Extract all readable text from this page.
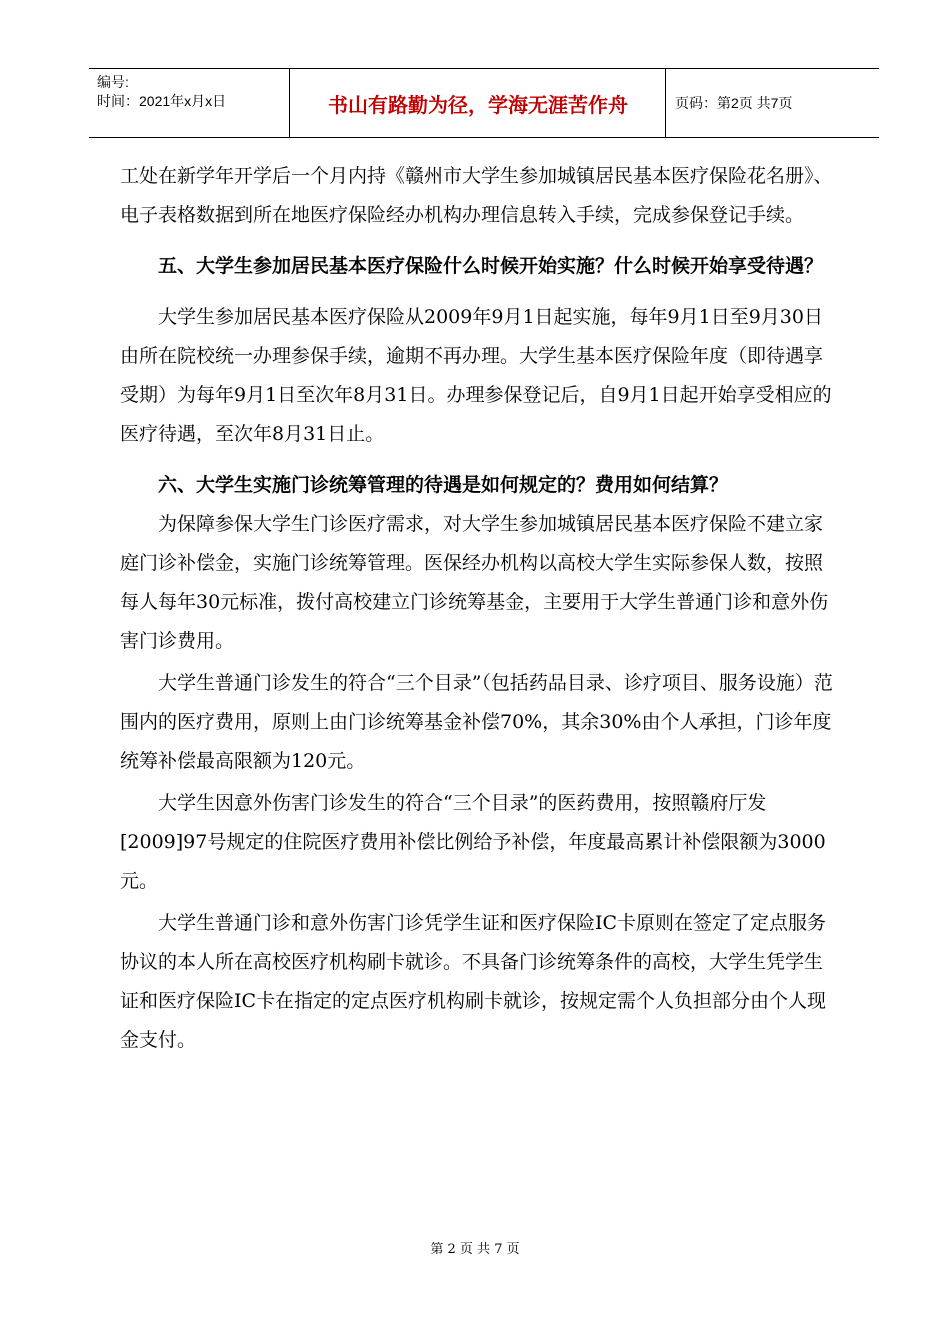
编号:
时间：2021年x月x日	书山有路勤为径，学海无涯苦作舟	页码：第2页 共7页

工处在新学年开学后一个月内持《赣州市大学生参加城镇居民基本医疗保险花名册》、电子表格数据到所在地医疗保险经办机构办理信息转入手续，完成参保登记手续。

五、大学生参加居民基本医疗保险什么时候开始实施？什么时候开始享受待遇？

大学生参加居民基本医疗保险从2009年9月1日起实施，每年9月1日至9月30日由所在院校统一办理参保手续，逾期不再办理。大学生基本医疗保险年度（即待遇享受期）为每年9月1日至次年8月31日。办理参保登记后，自9月1日起开始享受相应的医疗待遇，至次年8月31日止。

六、大学生实施门诊统筹管理的待遇是如何规定的？费用如何结算？

为保障参保大学生门诊医疗需求，对大学生参加城镇居民基本医疗保险不建立家庭门诊补偿金，实施门诊统筹管理。医保经办机构以高校大学生实际参保人数，按照每人每年30元标准，拨付高校建立门诊统筹基金，主要用于大学生普通门诊和意外伤害门诊费用。

大学生普通门诊发生的符合“三个目录”（包括药品目录、诊疗项目、服务设施）范围内的医疗费用，原则上由门诊统筹基金补偿70%，其余30%由个人承担，门诊年度统筹补偿最高限额为120元。

大学生因意外伤害门诊发生的符合“三个目录”的医药费用，按照赣府厅发[2009]97号规定的住院医疗费用补偿比例给予补偿，年度最高累计补偿限额为3000元。

大学生普通门诊和意外伤害门诊凭学生证和医疗保险IC卡原则在签定了定点服务协议的本人所在高校医疗机构刷卡就诊。不具备门诊统筹条件的高校，大学生凭学生证和医疗保险IC卡在指定的定点医疗机构刷卡就诊，按规定需个人负担部分由个人现金支付。

第 2 页 共 7 页
